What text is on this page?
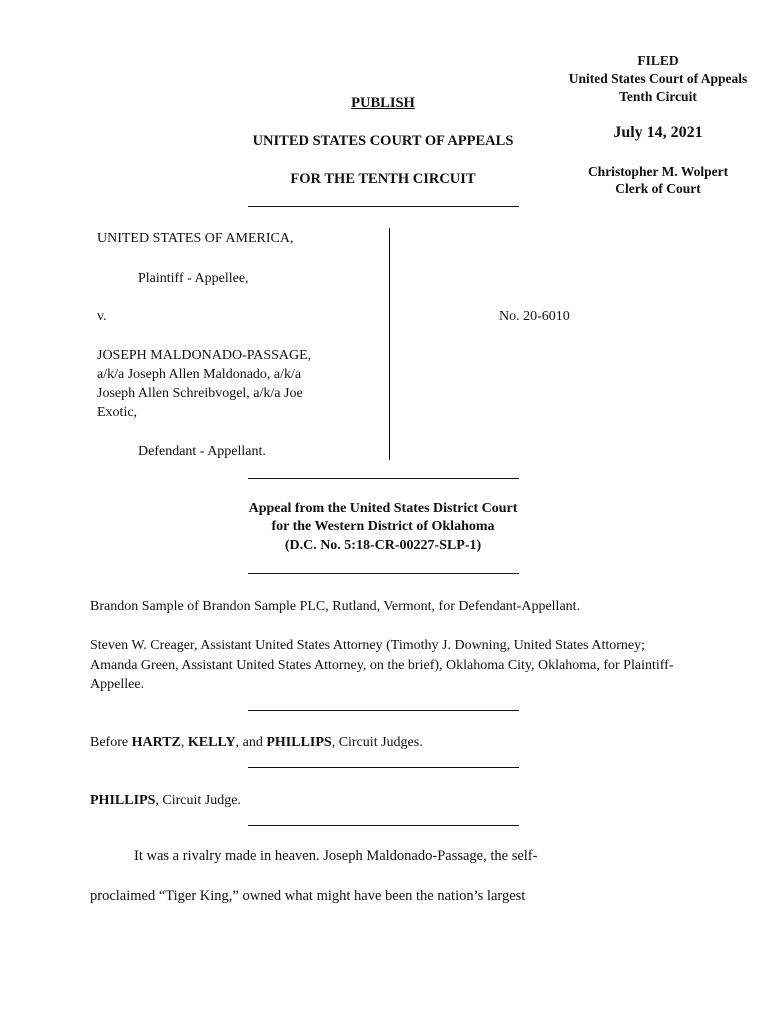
FILED
United States Court of Appeals
Tenth Circuit
July 14, 2021
Christopher M. Wolpert
Clerk of Court
PUBLISH
UNITED STATES COURT OF APPEALS
FOR THE TENTH CIRCUIT
UNITED STATES OF AMERICA,
Plaintiff - Appellee,
v.	No. 20-6010
JOSEPH MALDONADO-PASSAGE,
a/k/a Joseph Allen Maldonado, a/k/a
Joseph Allen Schreibvogel, a/k/a Joe
Exotic,
Defendant - Appellant.
Appeal from the United States District Court
for the Western District of Oklahoma
(D.C. No. 5:18-CR-00227-SLP-1)
Brandon Sample of Brandon Sample PLC, Rutland, Vermont, for Defendant-Appellant.
Steven W. Creager, Assistant United States Attorney (Timothy J. Downing, United States Attorney; Amanda Green, Assistant United States Attorney, on the brief), Oklahoma City, Oklahoma, for Plaintiff-Appellee.
Before HARTZ, KELLY, and PHILLIPS, Circuit Judges.
PHILLIPS, Circuit Judge.
It was a rivalry made in heaven. Joseph Maldonado-Passage, the self-
proclaimed “Tiger King,” owned what might have been the nation’s largest
